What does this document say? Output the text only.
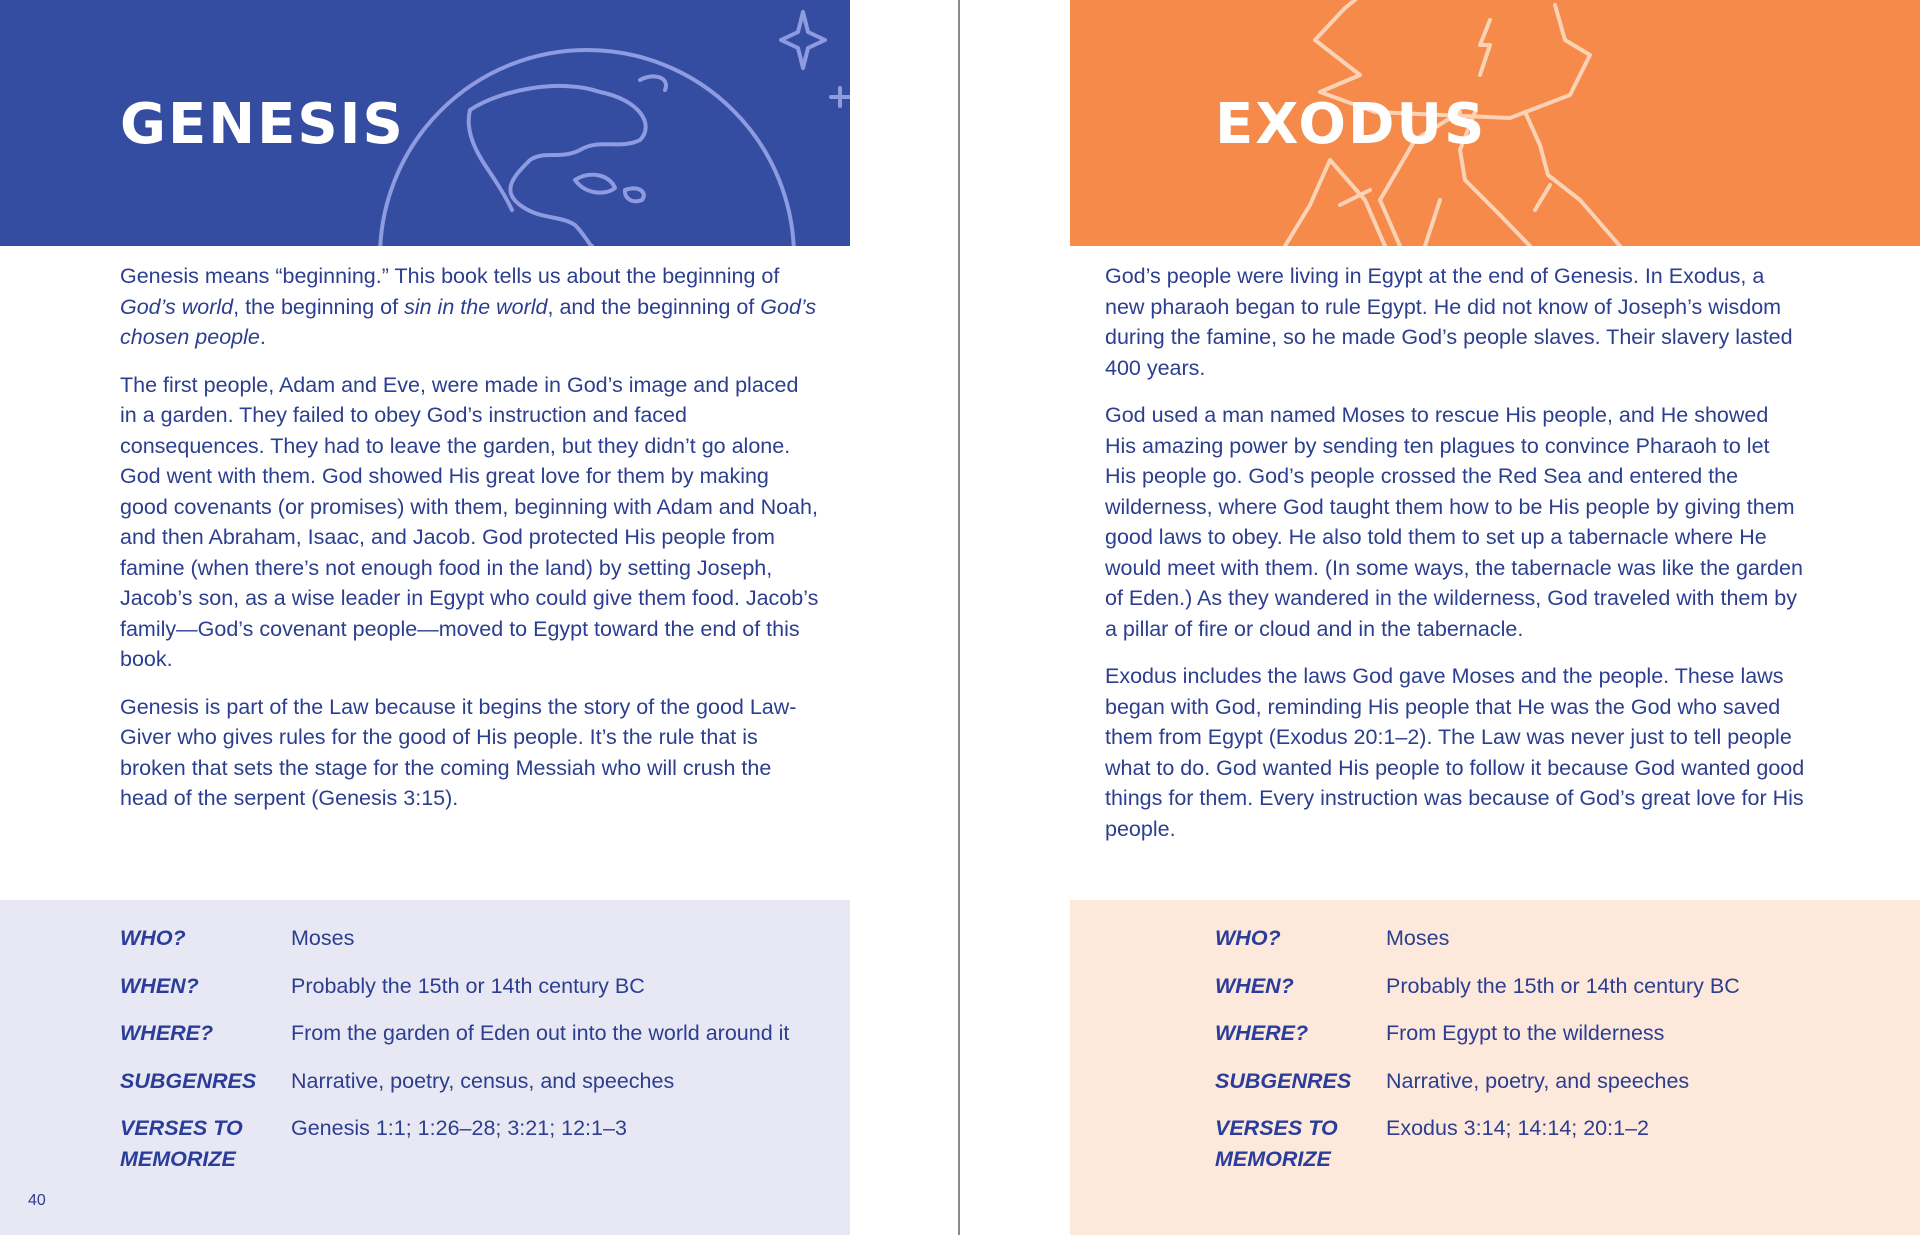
GENESIS

Genesis means “beginning.” This book tells us about the beginning of God’s world, the beginning of sin in the world, and the beginning of God’s chosen people.

The first people, Adam and Eve, were made in God’s image and placed in a garden. They failed to obey God’s instruction and faced consequences. They had to leave the garden, but they didn’t go alone. God went with them. God showed His great love for them by making good covenants (or promises) with them, beginning with Adam and Noah, and then Abraham, Isaac, and Jacob. God protected His people from famine (when there’s not enough food in the land) by setting Joseph, Jacob’s son, as a wise leader in Egypt who could give them food. Jacob’s family—God’s covenant people—moved to Egypt toward the end of this book.

Genesis is part of the Law because it begins the story of the good Law-Giver who gives rules for the good of His people. It’s the rule that is broken that sets the stage for the coming Messiah who will crush the head of the serpent (Genesis 3:15).

WHO?	Moses
WHEN?	Probably the 15th or 14th century BC
WHERE?	From the garden of Eden out into the world around it
SUBGENRES	Narrative, poetry, census, and speeches
VERSES TO MEMORIZE	Genesis 1:1; 1:26–28; 3:21; 12:1–3
40
EXODUS
WHO?	Moses
WHEN?	Probably the 15th or 14th century BC
WHERE?	From Egypt to the wilderness
SUBGENRES	Narrative, poetry, and speeches
VERSES TO MEMORIZE	Exodus 3:14; 14:14; 20:1–2

God’s people were living in Egypt at the end of Genesis. In Exodus, a new pharaoh began to rule Egypt. He did not know of Joseph’s wisdom during the famine, so he made God’s people slaves. Their slavery lasted 400 years.

God used a man named Moses to rescue His people, and He showed His amazing power by sending ten plagues to convince Pharaoh to let His people go. God’s people crossed the Red Sea and entered the wilderness, where God taught them how to be His people by giving them good laws to obey. He also told them to set up a tabernacle where He would meet with them. (In some ways, the tabernacle was like the garden of Eden.) As they wandered in the wilderness, God traveled with them by a pillar of fire or cloud and in the tabernacle.

Exodus includes the laws God gave Moses and the people. These laws began with God, reminding His people that He was the God who saved them from Egypt (Exodus 20:1–2). The Law was never just to tell people what to do. God wanted His people to follow it because God wanted good things for them. Every instruction was because of God’s great love for His people.
